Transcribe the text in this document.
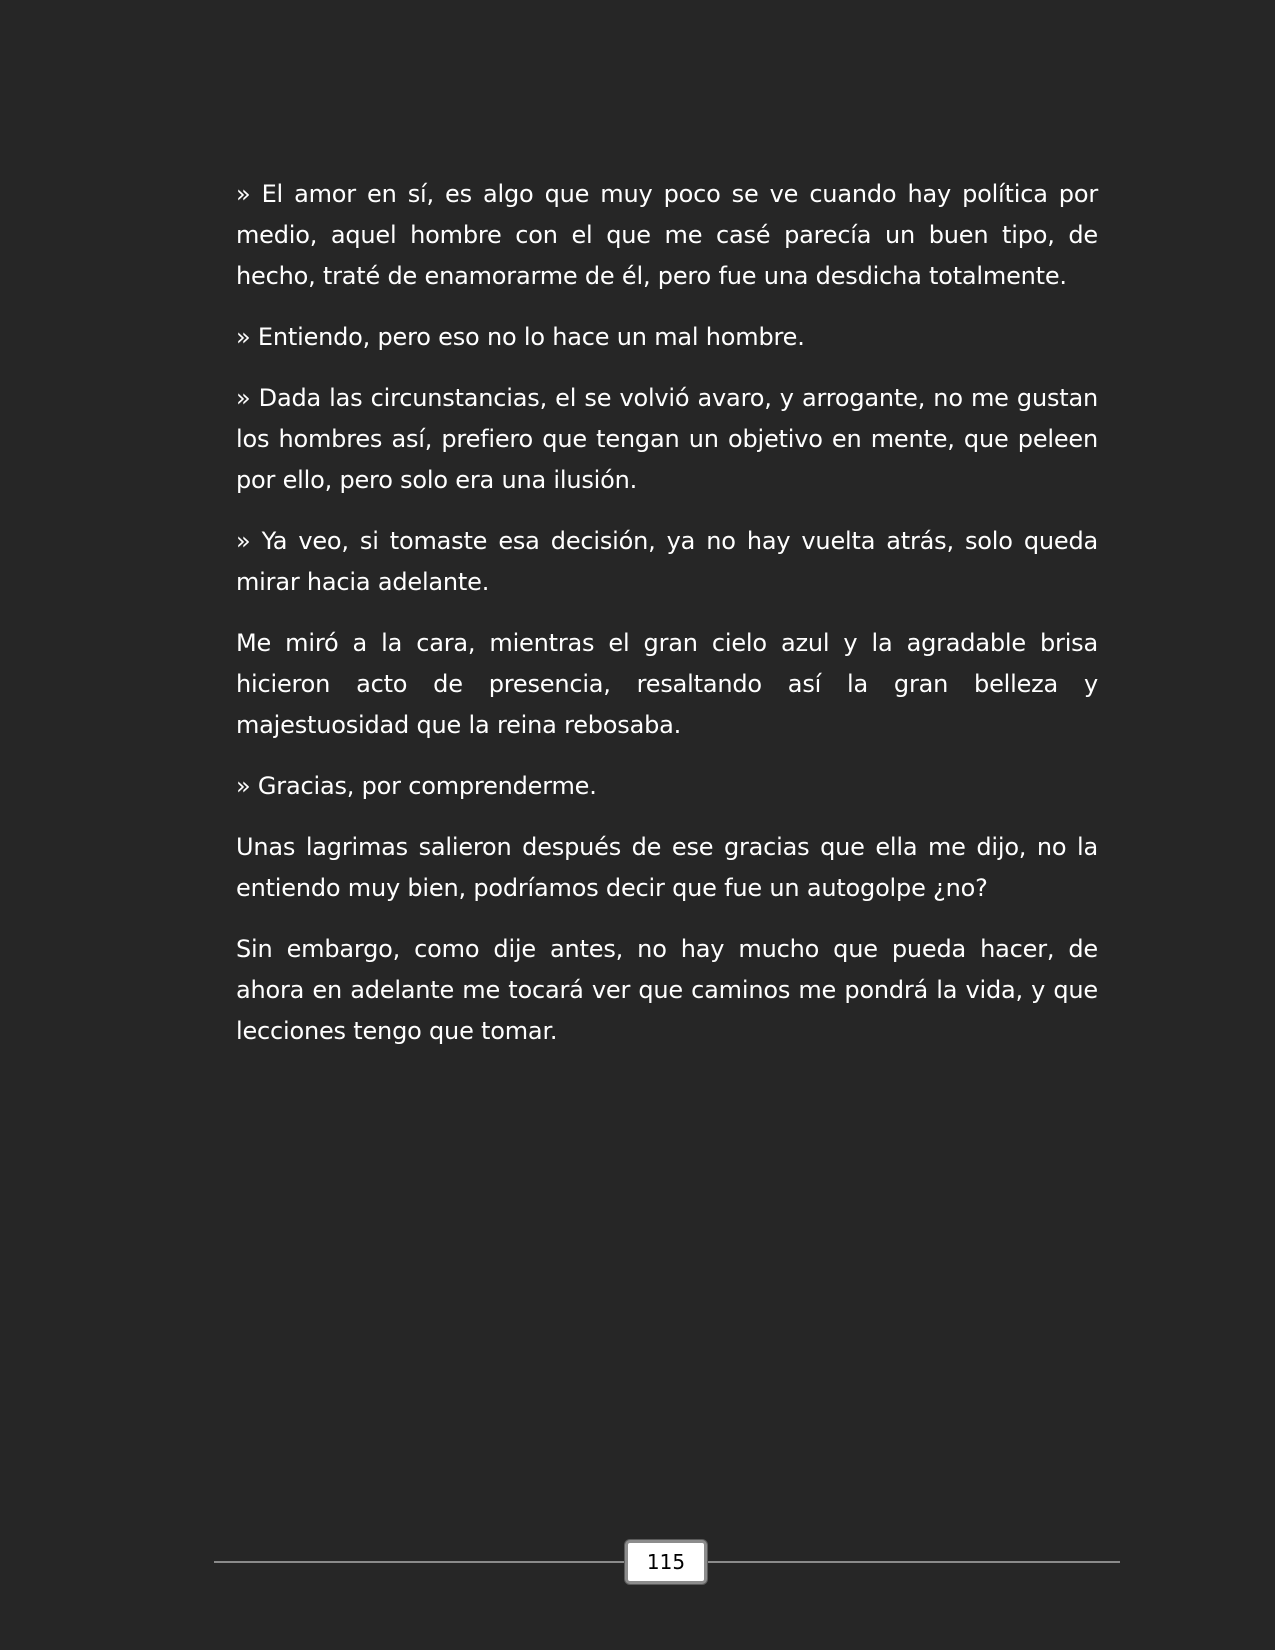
» El amor en sí, es algo que muy poco se ve cuando hay política por medio, aquel hombre con el que me casé parecía un buen tipo, de hecho, traté de enamorarme de él, pero fue una desdicha totalmente.

» Entiendo, pero eso no lo hace un mal hombre.

» Dada las circunstancias, el se volvió avaro, y arrogante, no me gustan los hombres así, prefiero que tengan un objetivo en mente, que peleen por ello, pero solo era una ilusión.

» Ya veo, si tomaste esa decisión, ya no hay vuelta atrás, solo queda mirar hacia adelante.

Me miró a la cara, mientras el gran cielo azul y la agradable brisa hicieron acto de presencia, resaltando así la gran belleza y majestuosidad que la reina rebosaba.

» Gracias, por comprenderme.

Unas lagrimas salieron después de ese gracias que ella me dijo, no la entiendo muy bien, podríamos decir que fue un autogolpe ¿no?

Sin embargo, como dije antes, no hay mucho que pueda hacer, de ahora en adelante me tocará ver que caminos me pondrá la vida, y que lecciones tengo que tomar.

115
